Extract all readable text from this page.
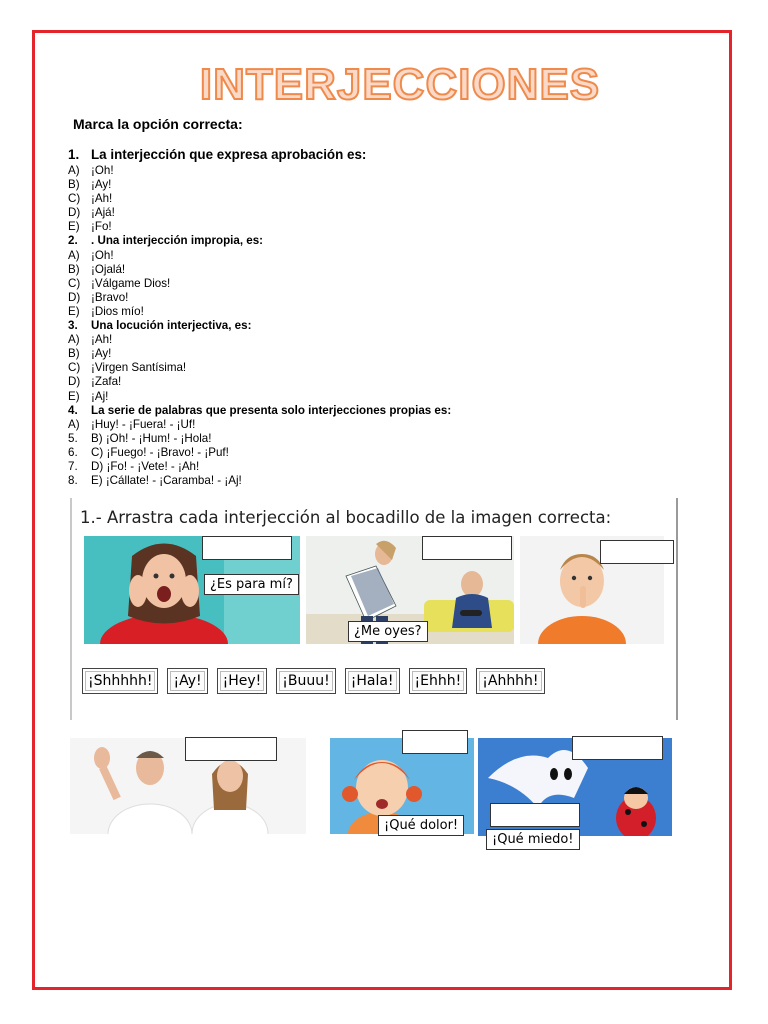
INTERJECCIONES
Marca la opción correcta:
1. La interjección que expresa aprobación es:
A) ¡Oh!
B) ¡Ay!
C) ¡Ah!
D) ¡Ajá!
E) ¡Fo!
2.	. Una interjección impropia, es:
A) ¡Oh!
B) ¡Ojalá!
C) ¡Válgame Dios!
D) ¡Bravo!
E) ¡Dios mío!
3.	Una locución interjectiva, es:
A) ¡Ah!
B) ¡Ay!
C) ¡Virgen Santísima!
D) ¡Zafa!
E) ¡Aj!
4.	La serie de palabras que presenta solo interjecciones propias es:
A) ¡Huy! - ¡Fuera! - ¡Uf!
5.	B) ¡Oh! - ¡Hum! - ¡Hola!
6.	C) ¡Fuego! - ¡Bravo! - ¡Puf!
7.	D) ¡Fo! - ¡Vete! - ¡Ah!
8.	E) ¡Cállate! - ¡Caramba! - ¡Aj!
1.- Arrastra cada interjección al bocadillo de la imagen correcta:
¿Es para mí?
¿Me oyes?
¡Shhhhh!	¡Ay!	¡Hey!	¡Buuu!	¡Hala!	¡Ehhh!	¡Ahhhh!
¡Qué dolor!
¡Qué miedo!
